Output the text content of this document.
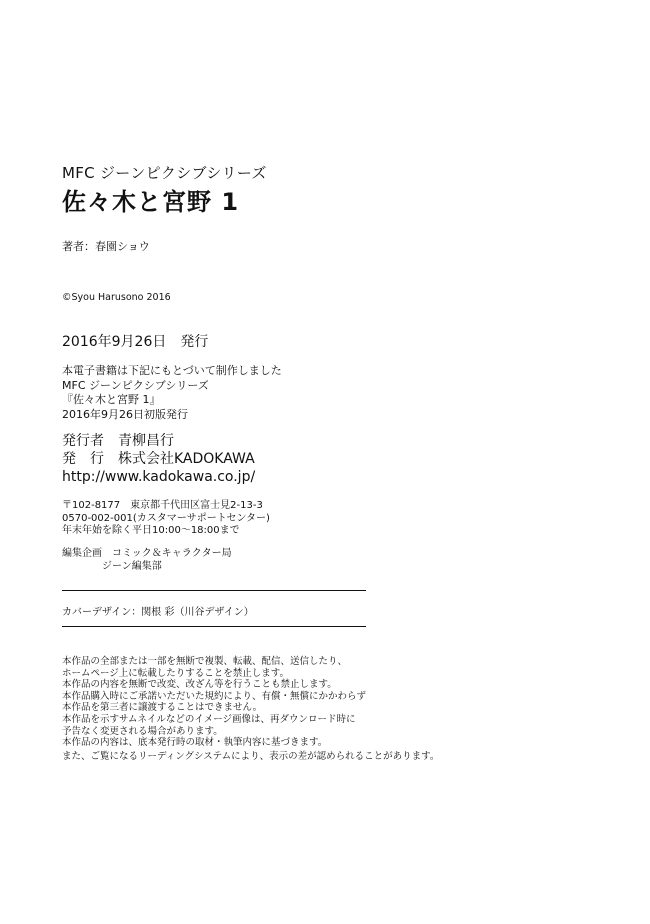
MFC ジーンピクシブシリーズ
佐々木と宮野 1
著者：春園ショウ
©Syou Harusono 2016
2016年9月26日　発行
本電子書籍は下記にもとづいて制作しました
MFC ジーンピクシブシリーズ
『佐々木と宮野 1』
2016年9月26日初版発行
発行者　青柳昌行
発　行　株式会社KADOKAWA
http://www.kadokawa.co.jp/
〒102-8177　東京都千代田区富士見2-13-3
0570-002-001(カスタマーサポートセンター)
年末年始を除く平日10:00〜18:00まで
編集企画　コミック＆キャラクター局
ジーン編集部
カバーデザイン：関根 彩（川谷デザイン）
本作品の全部または一部を無断で複製、転載、配信、送信したり、
ホームページ上に転載したりすることを禁止します。
本作品の内容を無断で改変、改ざん等を行うことも禁止します。
本作品購入時にご承諾いただいた規約により、有償・無償にかかわらず
本作品を第三者に譲渡することはできません。
本作品を示すサムネイルなどのイメージ画像は、再ダウンロード時に
予告なく変更される場合があります。
本作品の内容は、底本発行時の取材・執筆内容に基づきます。
また、ご覧になるリーディングシステムにより、表示の差が認められることがあります。
